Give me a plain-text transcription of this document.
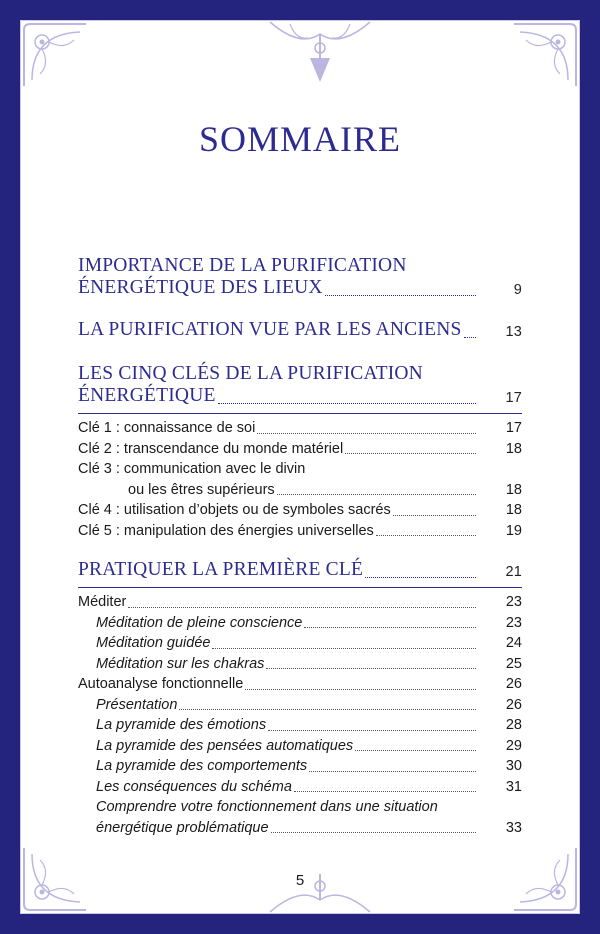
SOMMAIRE
IMPORTANCE DE LA PURIFICATION
ÉNERGÉTIQUE DES LIEUX	9
LA PURIFICATION VUE PAR LES ANCIENS	13
LES CINQ CLÉS DE LA PURIFICATION
ÉNERGÉTIQUE	17
Clé 1 : connaissance de soi	17
Clé 2 : transcendance du monde matériel	18
Clé 3 : communication avec le divin
ou les êtres supérieurs	18
Clé 4 : utilisation d’objets ou de symboles sacrés	18
Clé 5 : manipulation des énergies universelles	19
PRATIQUER LA PREMIÈRE CLÉ	21
Méditer	23
Méditation de pleine conscience	23
Méditation guidée	24
Méditation sur les chakras	25
Autoanalyse fonctionnelle	26
Présentation	26
La pyramide des émotions	28
La pyramide des pensées automatiques	29
La pyramide des comportements	30
Les conséquences du schéma	31
Comprendre votre fonctionnement dans une situation
énergétique problématique	33
5
